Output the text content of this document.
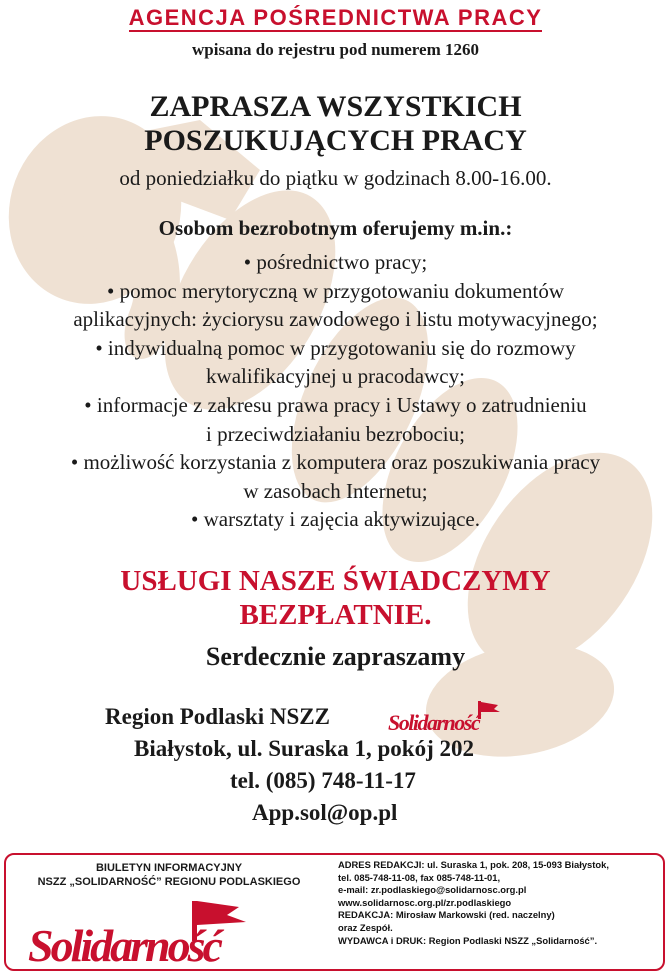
AGENCJA POŚREDNICTWA PRACY
wpisana do rejestru pod numerem 1260
ZAPRASZA WSZYSTKICH
POSZUKUJĄCYCH PRACY
od poniedziałku do piątku w godzinach 8.00-16.00.
Osobom bezrobotnym oferujemy m.in.:
• pośrednictwo pracy;
• pomoc merytoryczną w przygotowaniu dokumentów
aplikacyjnych: życiorysu zawodowego i listu motywacyjnego;
• indywidualną pomoc w przygotowaniu się do rozmowy
kwalifikacyjnej u pracodawcy;
• informacje z zakresu prawa pracy i Ustawy o zatrudnieniu
i przeciwdziałaniu bezrobociu;
• możliwość korzystania z komputera oraz poszukiwania pracy
w zasobach Internetu;
• warsztaty i zajęcia aktywizujące.
USŁUGI NASZE ŚWIADCZYMY
BEZPŁATNIE.
Serdecznie zapraszamy
Region Podlaski NSZZ	Solidarność
Białystok, ul. Suraska 1, pokój 202
tel. (085) 748-11-17
App.sol@op.pl
BIULETYN INFORMACYJNY
NSZZ „SOLIDARNOŚĆ” REGIONU PODLASKIEGO
Solidarność
ADRES REDAKCJI: ul. Suraska 1, pok. 208, 15-093 Białystok,
tel. 085-748-11-08, fax 085-748-11-01,
e-mail: zr.podlaskiego@solidarnosc.org.pl
www.solidarnosc.org.pl/zr.podlaskiego
REDAKCJA: Mirosław Markowski (red. naczelny)
oraz Zespół.
WYDAWCA i DRUK: Region Podlaski NSZZ „Solidarność”.
